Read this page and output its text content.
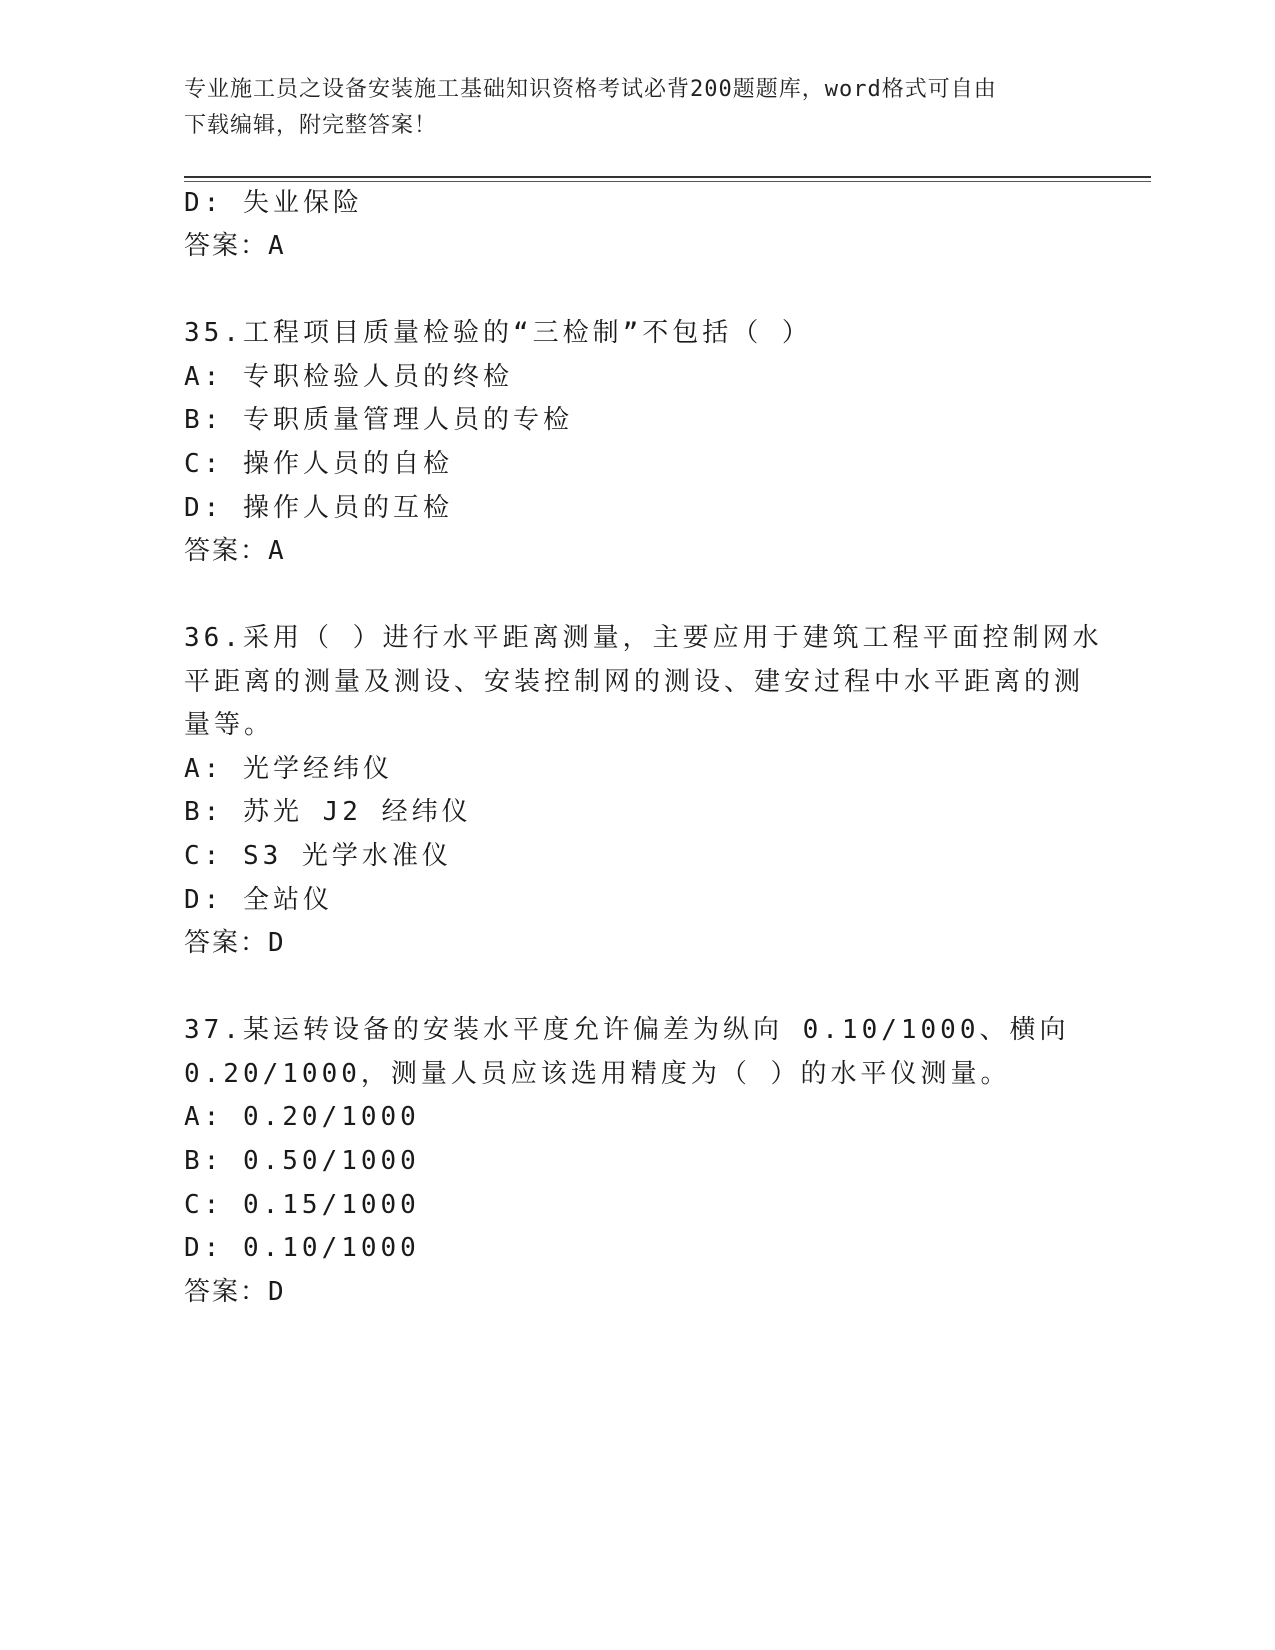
专业施工员之设备安装施工基础知识资格考试必背200题题库，word格式可自由
下载编辑，附完整答案！
D: 失业保险
答案：A
35.工程项目质量检验的“三检制”不包括（ ）
A: 专职检验人员的终检
B: 专职质量管理人员的专检
C: 操作人员的自检
D: 操作人员的互检
答案：A
36.采用（ ）进行水平距离测量，主要应用于建筑工程平面控制网水
平距离的测量及测设、安装控制网的测设、建安过程中水平距离的测
量等。
A: 光学经纬仪
B: 苏光 J2 经纬仪
C: S3 光学水准仪
D: 全站仪
答案：D
37.某运转设备的安装水平度允许偏差为纵向 0.10/1000、横向
0.20/1000，测量人员应该选用精度为（ ）的水平仪测量。
A: 0.20/1000
B: 0.50/1000
C: 0.15/1000
D: 0.10/1000
答案：D
